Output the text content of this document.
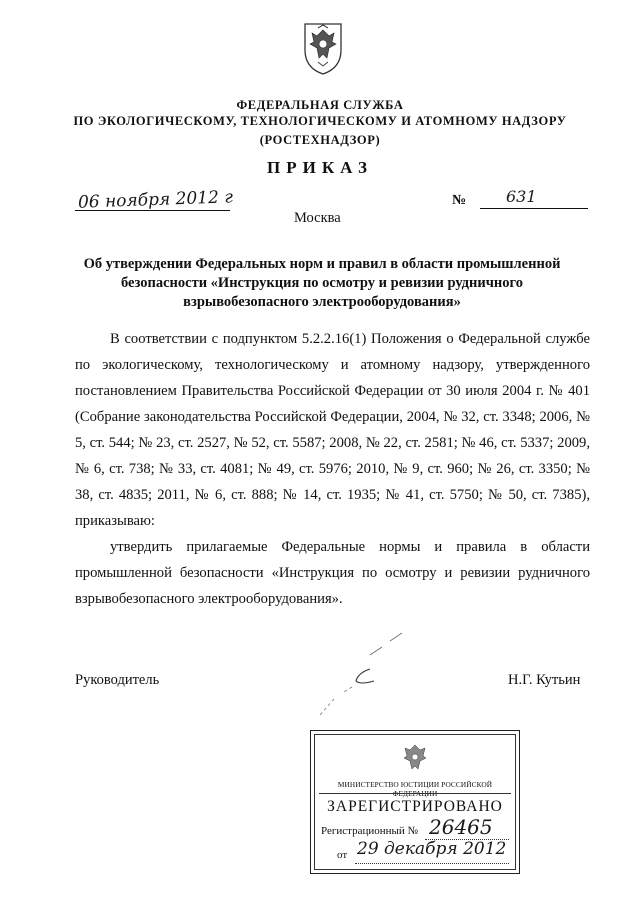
ФЕДЕРАЛЬНАЯ СЛУЖБА
ПО ЭКОЛОГИЧЕСКОМУ, ТЕХНОЛОГИЧЕСКОМУ И АТОМНОМУ НАДЗОРУ
(РОСТЕХНАДЗОР)
ПРИКАЗ
06 ноября 2012 г	№ 631
Москва
Об утверждении Федеральных норм и правил в области промышленной
безопасности «Инструкция по осмотру и ревизии рудничного
взрывобезопасного электрооборудования»

В соответствии с подпунктом 5.2.2.16(1) Положения о Федеральной службе по экологическому, технологическому и атомному надзору, утвержденного постановлением Правительства Российской Федерации от 30 июля 2004 г. № 401 (Собрание законодательства Российской Федерации, 2004, № 32, ст. 3348; 2006, № 5, ст. 544; № 23, ст. 2527, № 52, ст. 5587; 2008, № 22, ст. 2581; № 46, ст. 5337; 2009, № 6, ст. 738; № 33, ст. 4081; № 49, ст. 5976; 2010, № 9, ст. 960; № 26, ст. 3350; № 38, ст. 4835; 2011, № 6, ст. 888; № 14, ст. 1935; № 41, ст. 5750; № 50, ст. 7385), приказываю:

утвердить прилагаемые Федеральные нормы и правила в области промышленной безопасности «Инструкция по осмотру и ревизии рудничного взрывобезопасного электрооборудования».

Руководитель	Н.Г. Кутьин
МИНИСТЕРСТВО ЮСТИЦИИ РОССИЙСКОЙ ФЕДЕРАЦИИ
ЗАРЕГИСТРИРОВАНО
Регистрационный № 26465
от 29 декабря 2012
